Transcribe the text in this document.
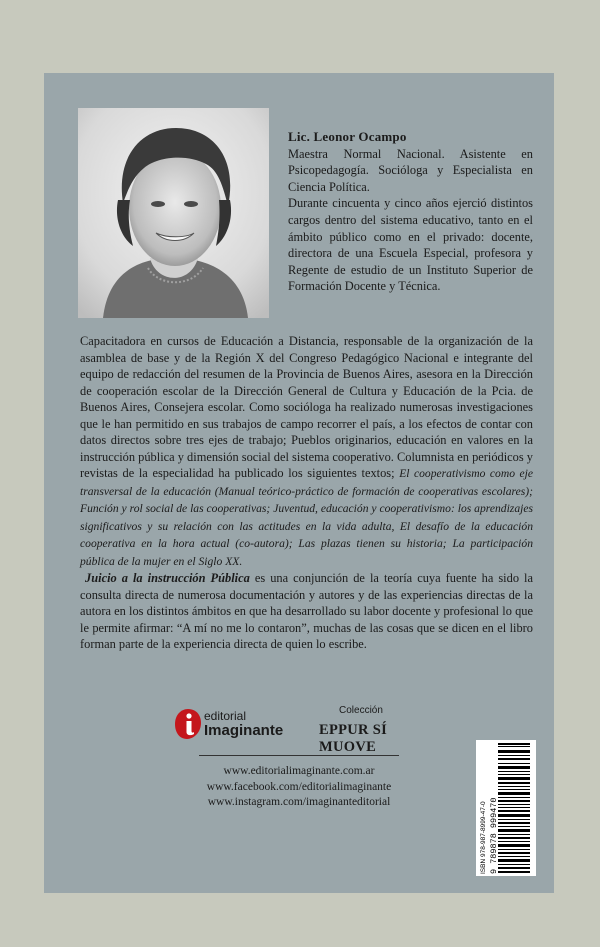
Lic. Leonor Ocampo

Maestra Normal Nacional. Asistente en Psicopedagogía. Socióloga y Especialista en Ciencia Política.

Durante cincuenta y cinco años ejerció distintos cargos dentro del sistema educativo, tanto en el ámbito público como en el privado: docente, directora de una Escuela Especial, profesora y Regente de estudio de un Instituto Superior de Formación Docente y Técnica.

Capacitadora en cursos de Educación a Distancia, responsable de la organización de la asamblea de base y de la Región X del Congreso Pedagógico Nacional e integrante del equipo de redacción del resumen de la Provincia de Buenos Aires, asesora en la Dirección de cooperación escolar de la Dirección General de Cultura y Educación de la Pcia. de Buenos Aires, Consejera escolar. Como socióloga ha realizado numerosas investigaciones que le han permitido en sus trabajos de campo recorrer el país, a los efectos de contar con datos directos sobre tres ejes de trabajo; Pueblos originarios, educación en valores en la instrucción pública y dimensión social del sistema cooperativo. Columnista en periódicos y revistas de la especialidad ha publicado los siguientes textos; El cooperativismo como eje transversal de la educación (Manual teórico-práctico de formación de cooperativas escolares); Función y rol social de las cooperativas; Juventud, educación y cooperativismo: los aprendizajes significativos y su relación con las actitudes en la vida adulta, El desafío de la educación cooperativa en la hora actual (co-autora); Las plazas tienen su historia; La participación pública de la mujer en el Siglo XX.

Juicio a la instrucción Pública es una conjunción de la teoría cuya fuente ha sido la consulta directa de numerosa documentación y autores y de las experiencias directas de la autora en los distintos ámbitos en que ha desarrollado su labor docente y profesional lo que le permite afirmar: “A mí no me lo contaron”, muchas de las cosas que se dicen en el libro forman parte de la experiencia directa de quien lo escribe.

editorial
Imaginante
Colección
EPPUR SÍ MUOVE
www.editorialimaginante.com.ar
www.facebook.com/editorialimaginante
www.instagram.com/imaginanteditorial	ISBN 978-987-8999-47-0 9 789878 999470
